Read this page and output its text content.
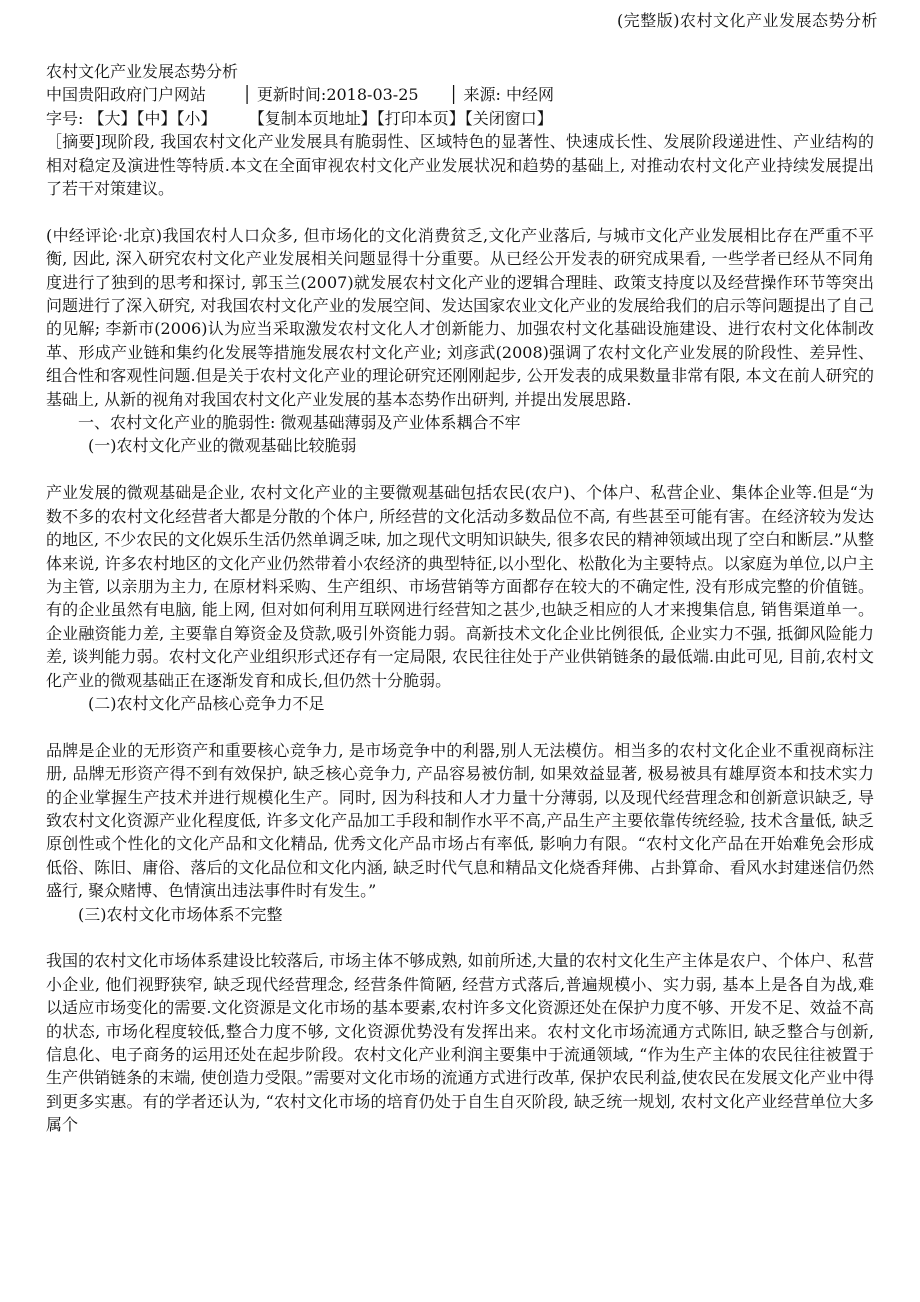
(完整版)农村文化产业发展态势分析
农村文化产业发展态势分析
中国贵阳政府门户网站 │ 更新时间:2018-03-25 │ 来源: 中经网
字号: 【大】【中】【小】 【复制本页地址】【打印本页】【关闭窗口】

［摘要]现阶段, 我国农村文化产业发展具有脆弱性、区域特色的显著性、快速成长性、发展阶段递进性、产业结构的相对稳定及演进性等特质.本文在全面审视农村文化产业发展状况和趋势的基础上, 对推动农村文化产业持续发展提出了若干对策建议。

(中经评论·北京)我国农村人口众多, 但市场化的文化消费贫乏,文化产业落后, 与城市文化产业发展相比存在严重不平衡, 因此, 深入研究农村文化产业发展相关问题显得十分重要。从已经公开发表的研究成果看, 一些学者已经从不同角度进行了独到的思考和探讨, 郭玉兰(2007)就发展农村文化产业的逻辑合理眭、政策支持度以及经营操作环节等突出问题进行了深入研究, 对我国农村文化产业的发展空间、发达国家农业文化产业的发展给我们的启示等问题提出了自己的见解; 李新市(2006)认为应当采取激发农村文化人才创新能力、加强农村文化基础设施建设、进行农村文化体制改革、形成产业链和集约化发展等措施发展农村文化产业; 刘彦武(2008)强调了农村文化产业发展的阶段性、差异性、组合性和客观性问题.但是关于农村文化产业的理论研究还刚刚起步, 公开发表的成果数量非常有限, 本文在前人研究的基础上, 从新的视角对我国农村文化产业发展的基本态势作出研判, 并提出发展思路.

一、农村文化产业的脆弱性: 微观基础薄弱及产业体系耦合不牢
(一)农村文化产业的微观基础比较脆弱

产业发展的微观基础是企业, 农村文化产业的主要微观基础包括农民(农户)、个体户、私营企业、集体企业等.但是“为数不多的农村文化经营者大都是分散的个体户, 所经营的文化活动多数品位不高, 有些甚至可能有害。在经济较为发达的地区, 不少农民的文化娱乐生活仍然单调乏味, 加之现代文明知识缺失, 很多农民的精神领域出现了空白和断层.”从整体来说, 许多农村地区的文化产业仍然带着小农经济的典型特征,以小型化、松散化为主要特点。以家庭为单位,以户主为主管, 以亲朋为主力, 在原材料采购、生产组织、市场营销等方面都存在较大的不确定性, 没有形成完整的价值链。有的企业虽然有电脑, 能上网, 但对如何利用互联网进行经营知之甚少,也缺乏相应的人才来搜集信息, 销售渠道单一。企业融资能力差, 主要靠自筹资金及贷款,吸引外资能力弱。高新技术文化企业比例很低, 企业实力不强, 抵御风险能力差, 谈判能力弱。农村文化产业组织形式还存有一定局限, 农民往往处于产业供销链条的最低端.由此可见, 目前,农村文化产业的微观基础正在逐渐发育和成长,但仍然十分脆弱。

(二)农村文化产品核心竞争力不足

品牌是企业的无形资产和重要核心竞争力, 是市场竞争中的利器,别人无法模仿。相当多的农村文化企业不重视商标注册, 品牌无形资产得不到有效保护, 缺乏核心竞争力, 产品容易被仿制, 如果效益显著, 极易被具有雄厚资本和技术实力的企业掌握生产技术并进行规模化生产。同时, 因为科技和人才力量十分薄弱, 以及现代经营理念和创新意识缺乏, 导致农村文化资源产业化程度低, 许多文化产品加工手段和制作水平不高,产品生产主要依靠传统经验, 技术含量低, 缺乏原创性或个性化的文化产品和文化精品, 优秀文化产品市场占有率低, 影响力有限。“农村文化产品在开始难免会形成低俗、陈旧、庸俗、落后的文化品位和文化内涵, 缺乏时代气息和精品文化烧香拜佛、占卦算命、看风水封建迷信仍然盛行, 聚众赌博、色情演出违法事件时有发生。”

(三)农村文化市场体系不完整

我国的农村文化市场体系建设比较落后, 市场主体不够成熟, 如前所述,大量的农村文化生产主体是农户、个体户、私营小企业, 他们视野狭窄, 缺乏现代经营理念, 经营条件简陋, 经营方式落后,普遍规模小、实力弱, 基本上是各自为战,难以适应市场变化的需要.文化资源是文化市场的基本要素,农村许多文化资源还处在保护力度不够、开发不足、效益不高的状态, 市场化程度较低,整合力度不够, 文化资源优势没有发挥出来。农村文化市场流通方式陈旧, 缺乏整合与创新, 信息化、电子商务的运用还处在起步阶段。农村文化产业利润主要集中于流通领域, “作为生产主体的农民往往被置于生产供销链条的末端, 使创造力受限。”需要对文化市场的流通方式进行改革, 保护农民利益,使农民在发展文化产业中得到更多实惠。有的学者还认为, “农村文化市场的培育仍处于自生自灭阶段, 缺乏统一规划, 农村文化产业经营单位大多属个
